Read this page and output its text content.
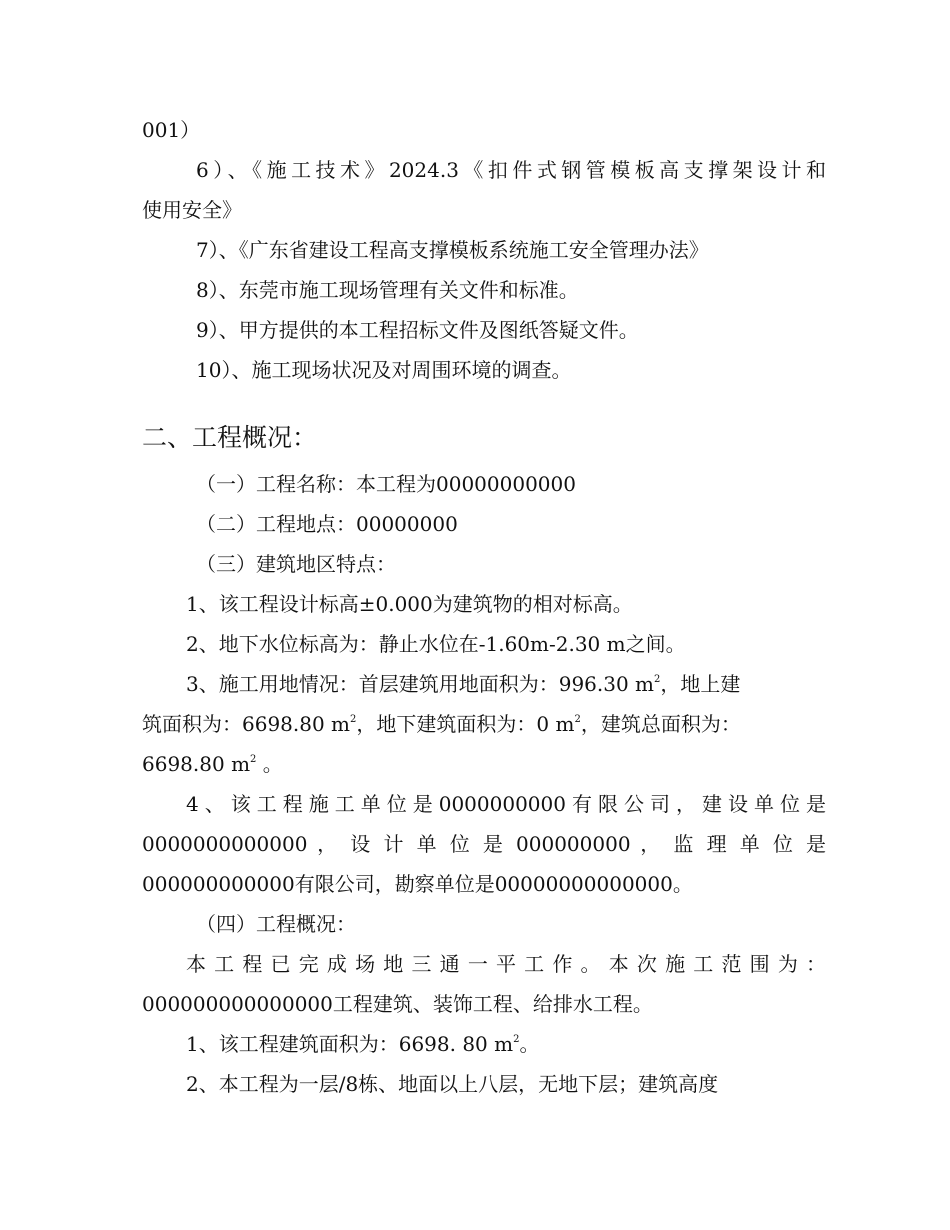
001）
6）、《施工技术》2024.3《扣件式钢管模板高支撑架设计和
使用安全》
7）、《广东省建设工程高支撑模板系统施工安全管理办法》
8）、东莞市施工现场管理有关文件和标准。
9）、甲方提供的本工程招标文件及图纸答疑文件。
10）、施工现场状况及对周围环境的调查。
二、工程概况：
（一）工程名称：本工程为00000000000
（二）工程地点：00000000
（三）建筑地区特点：
1、该工程设计标高±0.000为建筑物的相对标高。
2、地下水位标高为：静止水位在-1.60m-2.30 m之间。
3、施工用地情况：首层建筑用地面积为：996.30 $m^2$，地上建
筑面积为：6698.80 $m^2$，地下建筑面积为：0 $m^2$，建筑总面积为：
6698.80 $m^2$ 。
4、该工程施工单位是0000000000有限公司，建设单位是
0000000000000 ， 设 计 单 位 是 000000000 ， 监 理 单 位 是
000000000000有限公司，勘察单位是00000000000000。
（四）工程概况：
本工程已完成场地三通一平工作。本次施工范围为：
000000000000000工程建筑、装饰工程、给排水工程。
1、该工程建筑面积为：6698. 80 $m^2$。
2、本工程为一层/8栋、地面以上八层，无地下层；建筑高度
